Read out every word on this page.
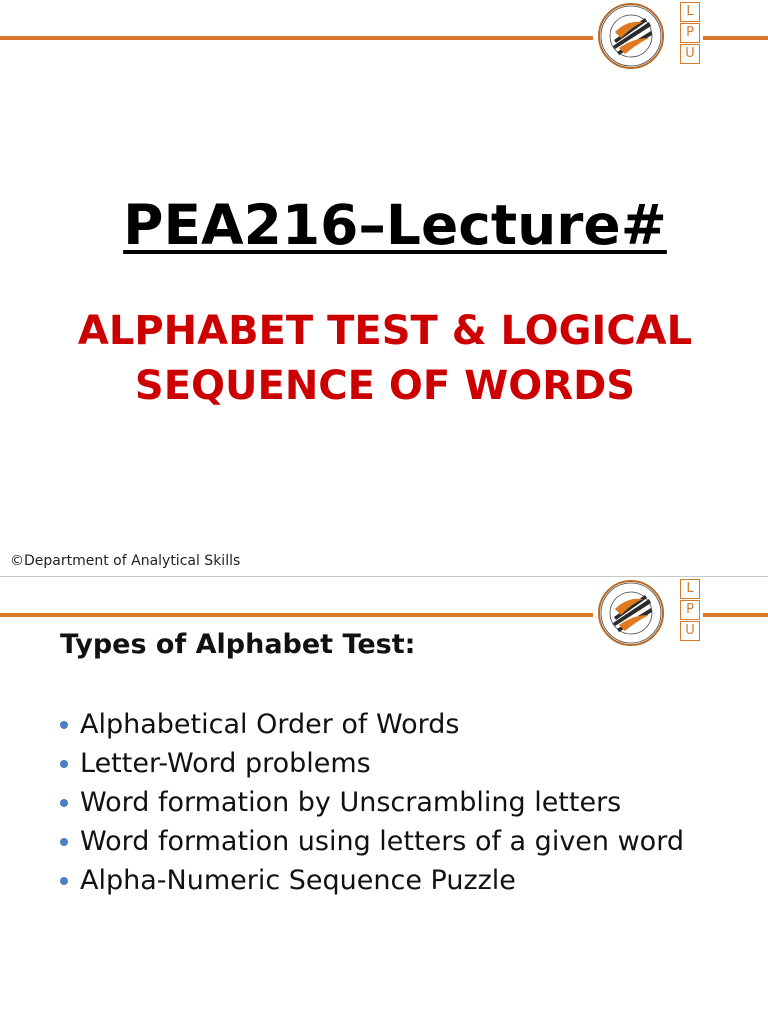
L
P
U
PEA216–Lecture#
ALPHABET TEST & LOGICAL SEQUENCE OF WORDS
©Department of Analytical Skills
L
P
U
Types of Alphabet Test:
Alphabetical Order of Words
Letter-Word problems
Word formation by Unscrambling letters
Word formation using letters of a given word
Alpha-Numeric Sequence Puzzle
